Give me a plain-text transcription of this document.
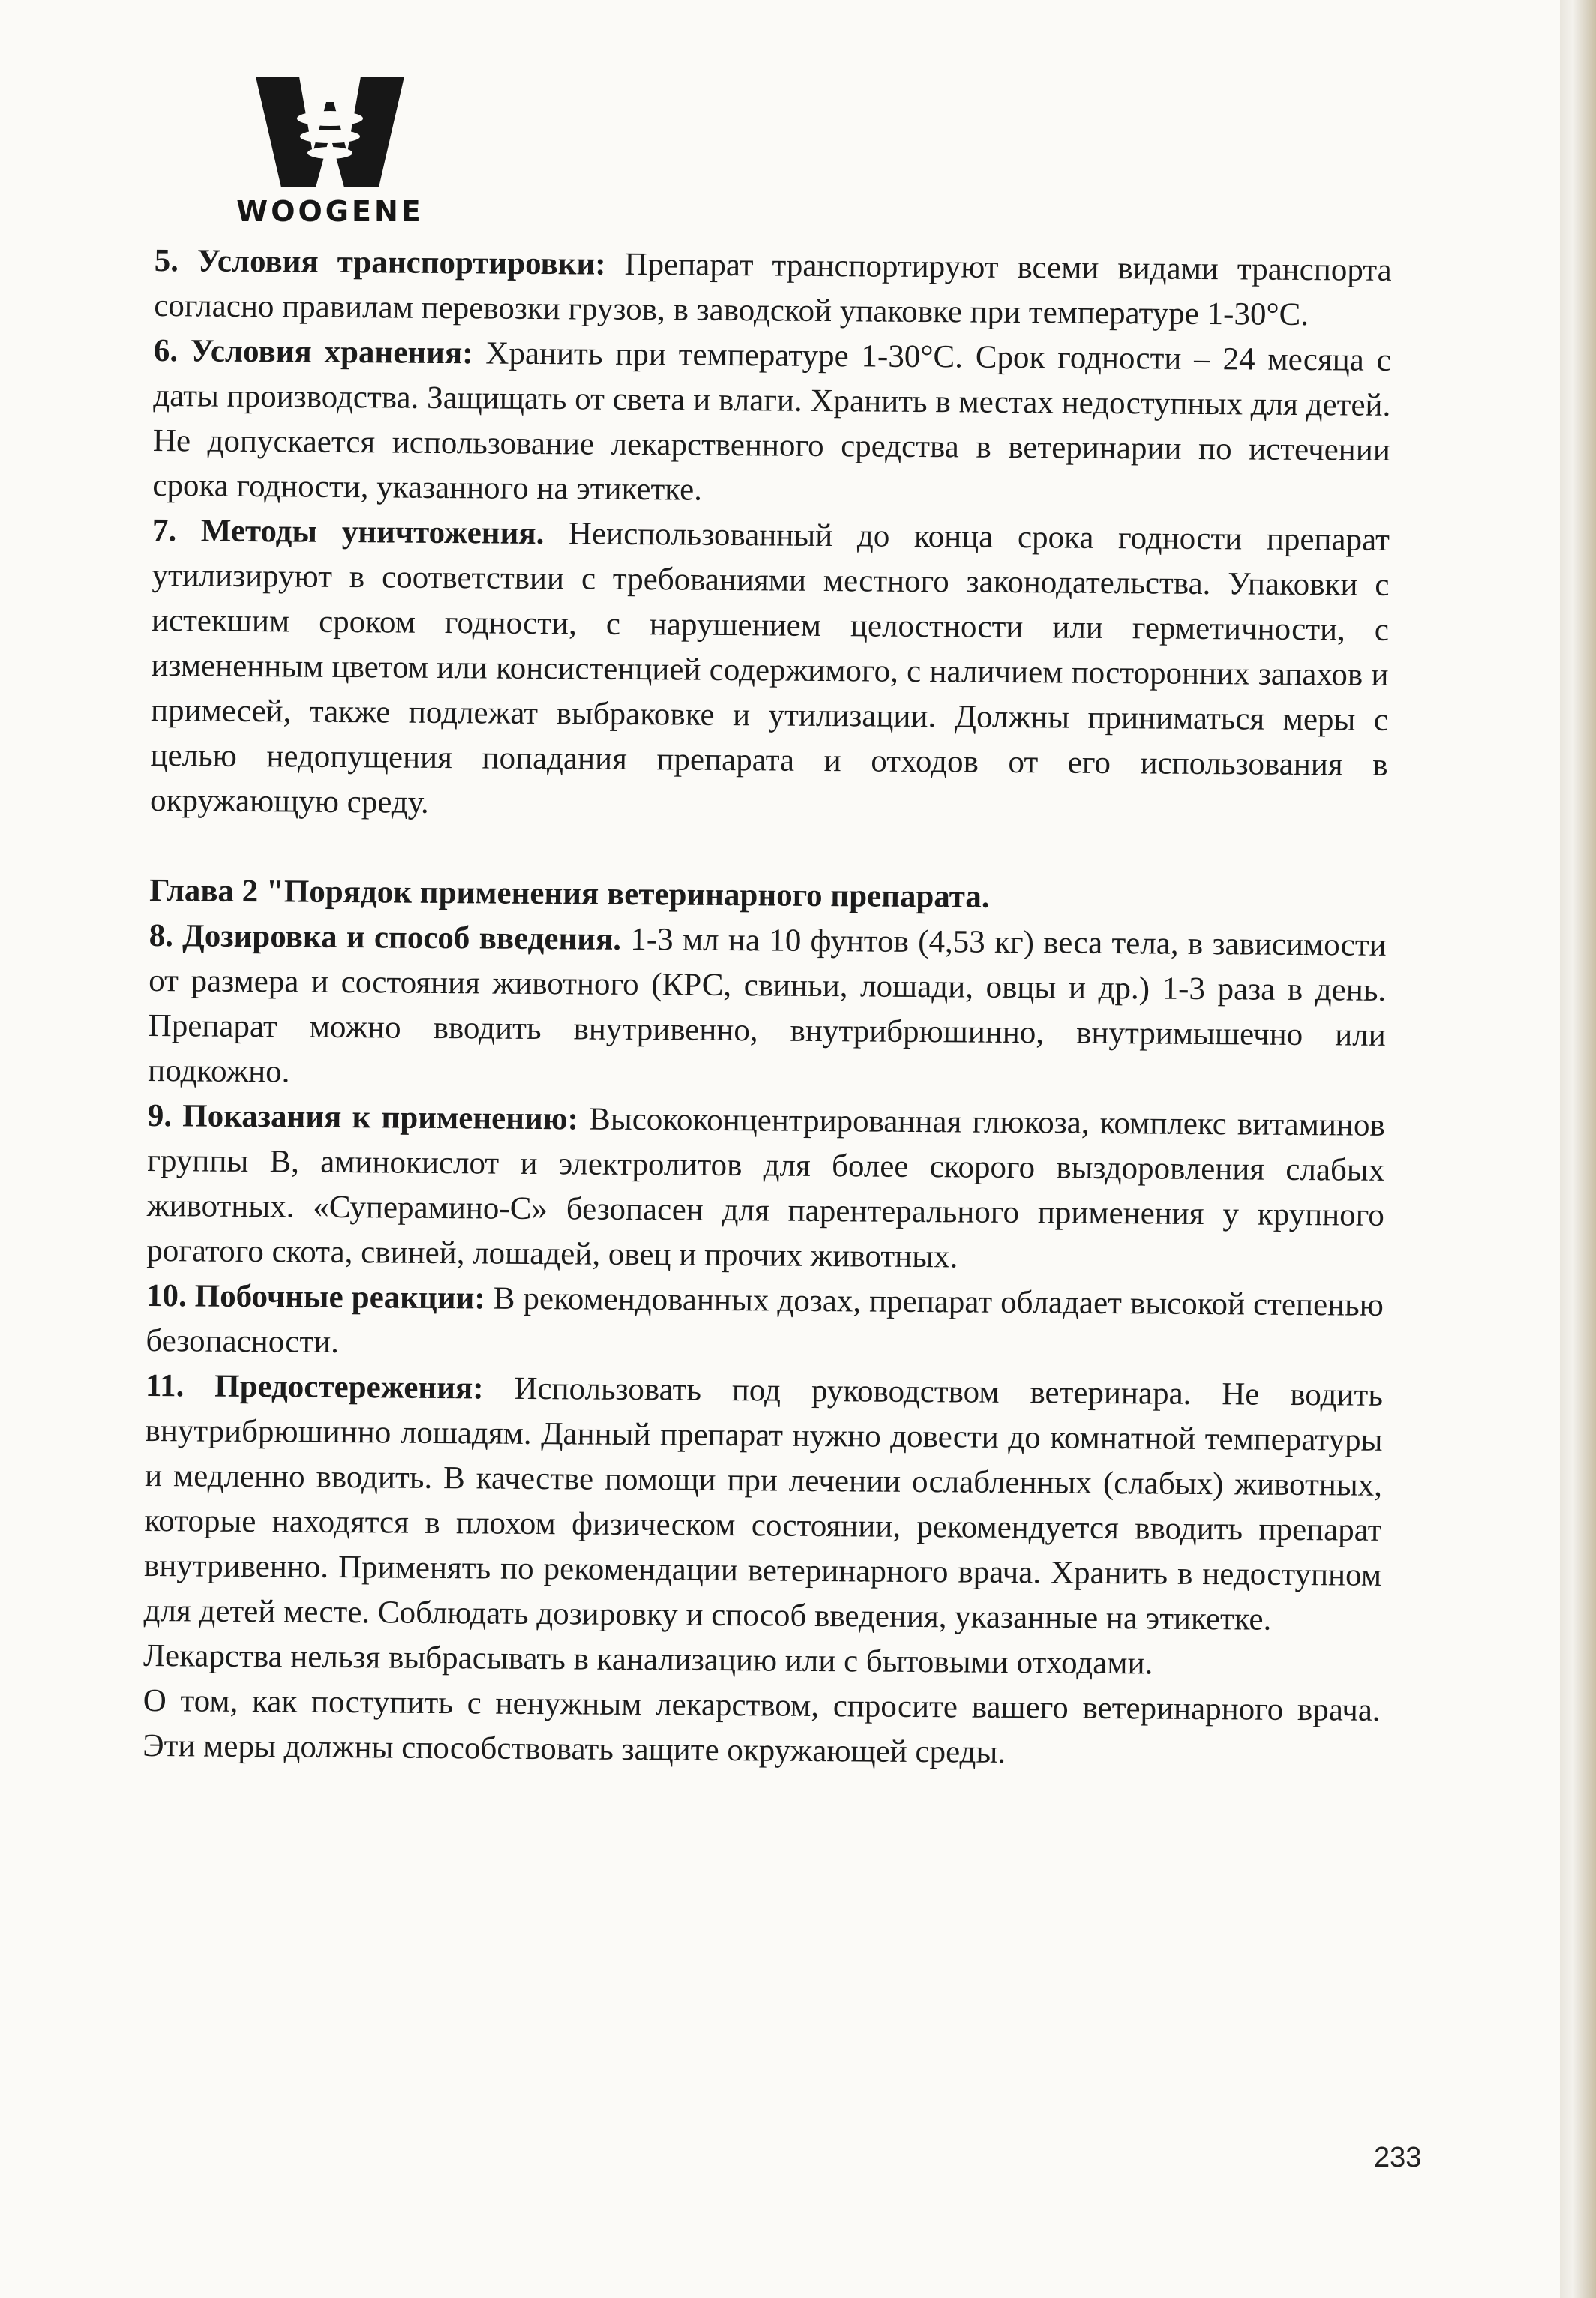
WOOGENE

5. Условия транспортировки: Препарат транспортируют всеми видами транспорта согласно правилам перевозки грузов, в заводской упаковке при температуре 1-30°С.

6. Условия хранения: Хранить при температуре 1-30°С. Срок годности – 24 месяца с даты производства. Защищать от света и влаги. Хранить в местах недоступных для детей. Не допускается использование лекарственного средства в ветеринарии по истечении срока годности, указанного на этикетке.

7. Методы уничтожения. Неиспользованный до конца срока годности препарат утилизируют в соответствии с требованиями местного законодательства. Упаковки с истекшим сроком годности, с нарушением целостности или герметичности, с измененным цветом или консистенцией содержимого, с наличием посторонних запахов и примесей, также подлежат выбраковке и утилизации. Должны приниматься меры с целью недопущения попадания препарата и отходов от его использования в окружающую среду.

Глава 2 "Порядок применения ветеринарного препарата.

8. Дозировка и способ введения. 1-3 мл на 10 фунтов (4,53 кг) веса тела, в зависимости от размера и состояния животного (КРС, свиньи, лошади, овцы и др.) 1-3 раза в день. Препарат можно вводить внутривенно, внутрибрюшинно, внутримышечно или подкожно.

9. Показания к применению: Высококонцентрированная глюкоза, комплекс витаминов группы В, аминокислот и электролитов для более скорого выздоровления слабых животных. «Суперамино-С» безопасен для парентерального применения у крупного рогатого скота, свиней, лошадей, овец и прочих животных.

10. Побочные реакции: В рекомендованных дозах, препарат обладает высокой степенью безопасности.

11. Предостережения: Использовать под руководством ветеринара. Не водить внутрибрюшинно лошадям. Данный препарат нужно довести до комнатной температуры и медленно вводить. В качестве помощи при лечении ослабленных (слабых) животных, которые находятся в плохом физическом состоянии, рекомендуется вводить препарат внутривенно. Применять по рекомендации ветеринарного врача. Хранить в недоступном для детей месте. Соблюдать дозировку и способ введения, указанные на этикетке.

Лекарства нельзя выбрасывать в канализацию или с бытовыми отходами.

О том, как поступить с ненужным лекарством, спросите вашего ветеринарного врача. Эти меры должны способствовать защите окружающей среды.

233
